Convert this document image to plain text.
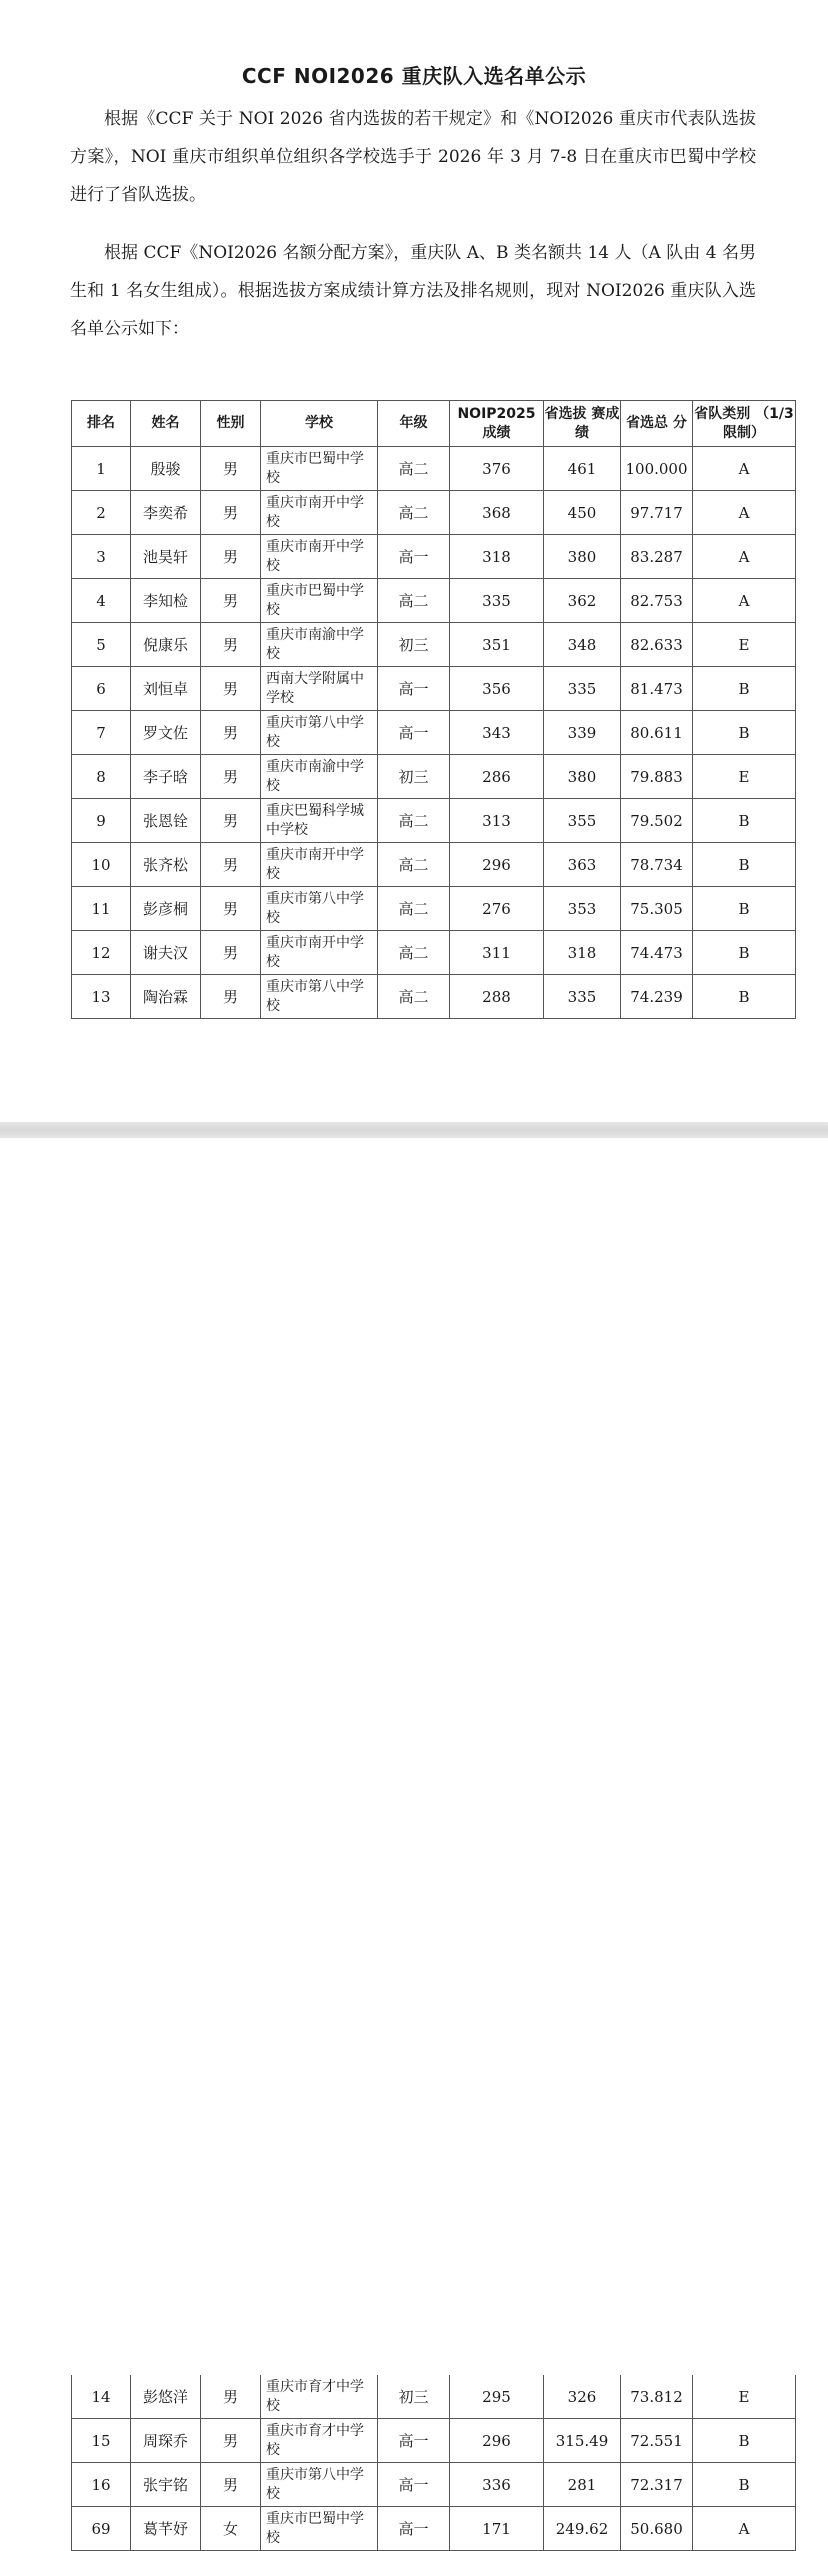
CCF NOI2026 重庆队入选名单公示
根据《CCF 关于 NOI 2026 省内选拔的若干规定》和《NOI2026 重庆市代表队选拔方案》，NOI 重庆市组织单位组织各学校选手于 2026 年 3 月 7-8 日在重庆市巴蜀中学校进行了省队选拔。
根据 CCF《NOI2026 名额分配方案》，重庆队 A、B 类名额共 14 人（A 队由 4 名男生和 1 名女生组成）。根据选拔方案成绩计算方法及排名规则，现对 NOI2026 重庆队入选名单公示如下：
排名	姓名	性别	学校	年级	NOIP2025 成绩	省选拔 赛成绩	省选总 分	省队类别 （1/3 限制）
1	殷骏	男	重庆市巴蜀中学校	高二	376	461	100.000	A
2	李奕希	男	重庆市南开中学校	高二	368	450	97.717	A
3	池昊轩	男	重庆市南开中学校	高一	318	380	83.287	A
4	李知检	男	重庆市巴蜀中学校	高二	335	362	82.753	A
5	倪康乐	男	重庆市南渝中学校	初三	351	348	82.633	E
6	刘恒卓	男	西南大学附属中学校	高一	356	335	81.473	B
7	罗文佐	男	重庆市第八中学校	高一	343	339	80.611	B
8	李子晗	男	重庆市南渝中学校	初三	286	380	79.883	E
9	张恩铨	男	重庆巴蜀科学城中学校	高二	313	355	79.502	B
10	张齐松	男	重庆市南开中学校	高二	296	363	78.734	B
11	彭彦桐	男	重庆市第八中学校	高二	276	353	75.305	B
12	谢夫汉	男	重庆市南开中学校	高二	311	318	74.473	B
13	陶治霖	男	重庆市第八中学校	高二	288	335	74.239	B
14	彭悠洋	男	重庆市育才中学校	初三	295	326	73.812	E
15	周琛乔	男	重庆市育才中学校	高一	296	315.49	72.551	B
16	张宇铭	男	重庆市第八中学校	高一	336	281	72.317	B
69	葛芊妤	女	重庆市巴蜀中学校	高一	171	249.62	50.680	A
